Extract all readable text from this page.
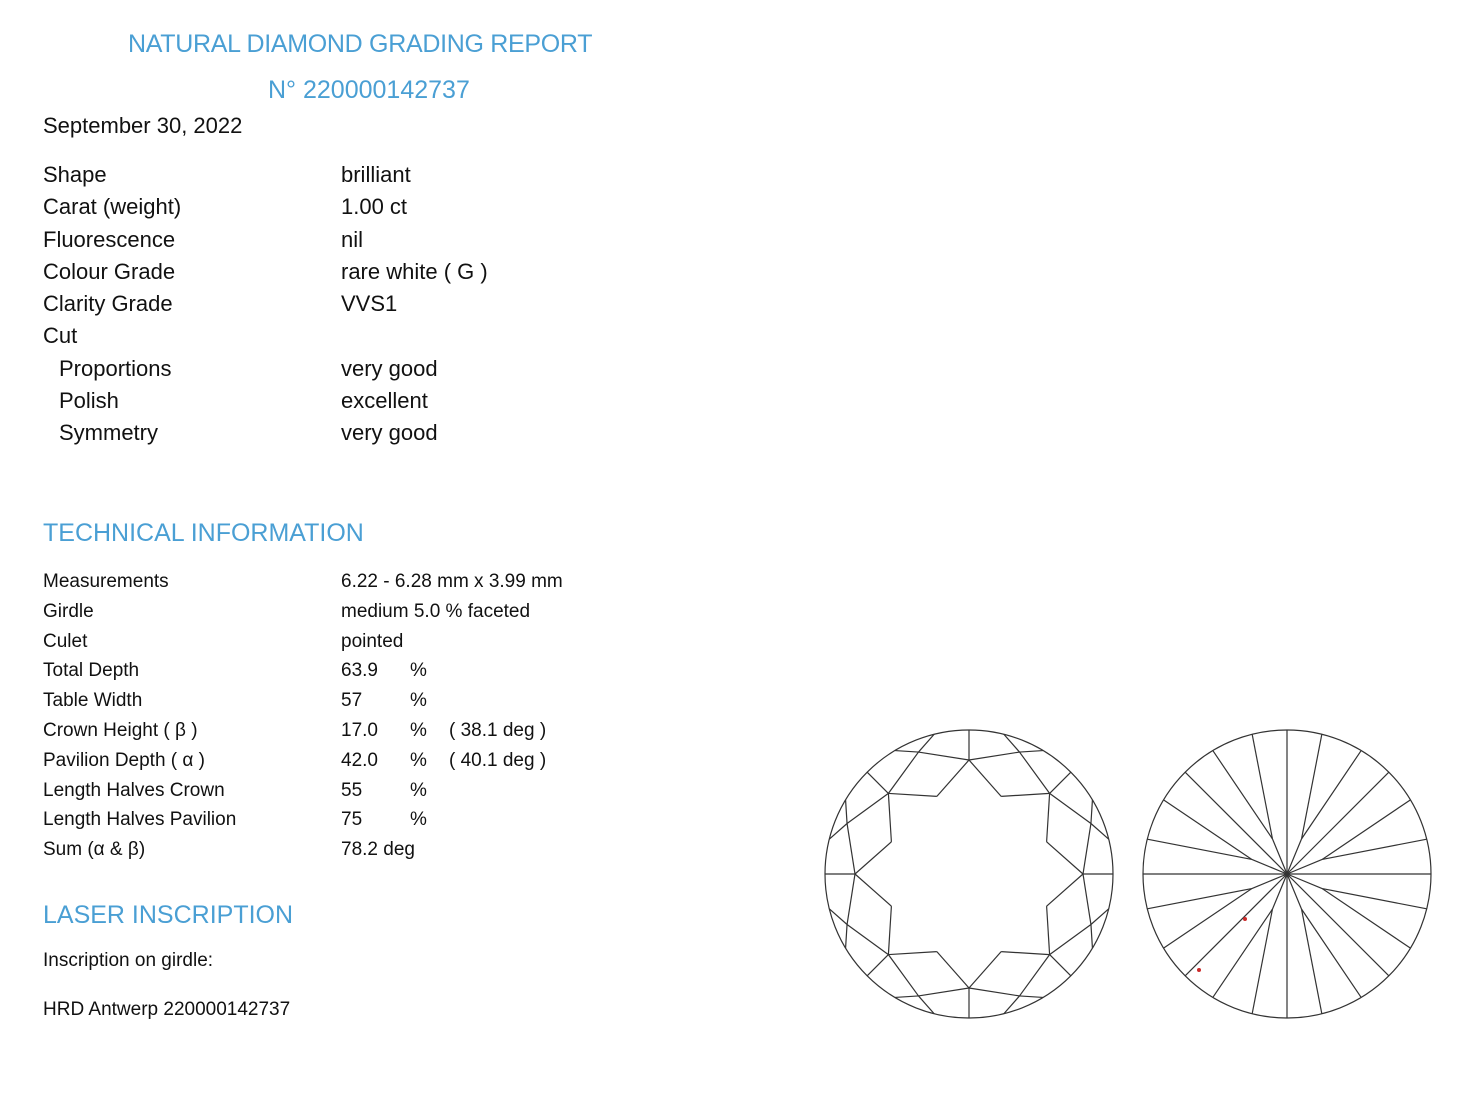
NATURAL DIAMOND GRADING REPORT
N° 220000142737
September 30, 2022
Shape	brilliant
Carat (weight)	1.00 ct
Fluorescence	nil
Colour Grade	rare white ( G )
Clarity Grade	VVS1
Cut
Proportions	very good
Polish	excellent
Symmetry	very good
TECHNICAL INFORMATION
Measurements	6.22 - 6.28 mm x 3.99 mm
Girdle	medium 5.0 % faceted
Culet	pointed
Total Depth	63.9 %
Table Width	57	%
Crown Height ( β )	17.0 % ( 38.1 deg )
Pavilion Depth ( α )	42.0 % ( 40.1 deg )
Length Halves Crown	55	%
Length Halves Pavilion	75	%
Sum (α & β)	78.2 deg
LASER INSCRIPTION
Inscription on girdle:
HRD Antwerp 220000142737
